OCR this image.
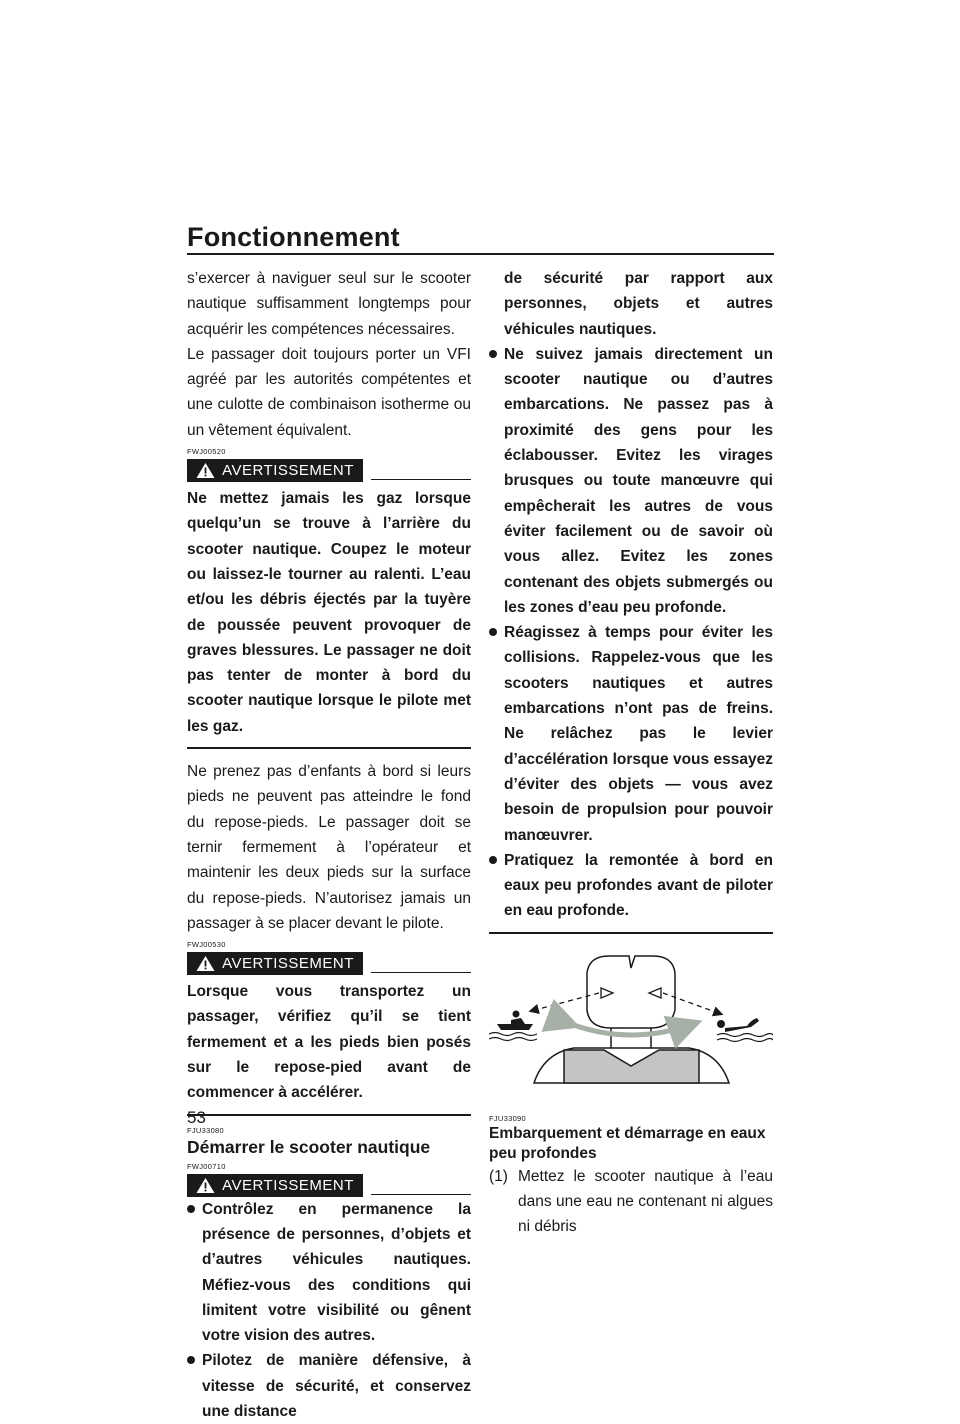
Fonctionnement

s’exercer à naviguer seul sur le scooter nautique suffisamment longtemps pour acquérir les compétences nécessaires.

Le passager doit toujours porter un VFI agréé par les autorités compétentes et une culotte de combinaison isotherme ou un vêtement équivalent.

FWJ00520
AVERTISSEMENT

Ne mettez jamais les gaz lorsque quelqu’un se trouve à l’arrière du scooter nautique. Coupez le moteur ou laissez-le tourner au ralenti. L’eau et/ou les débris éjectés par la tuyère de poussée peuvent provoquer de graves blessures. Le passager ne doit pas tenter de monter à bord du scooter nautique lorsque le pilote met les gaz.

Ne prenez pas d’enfants à bord si leurs pieds ne peuvent pas atteindre le fond du repose-pieds. Le passager doit se ternir fermement à l’opérateur et maintenir les deux pieds sur la surface du repose-pieds. N’autorisez jamais un passager à se placer devant le pilote.

FWJ00530
AVERTISSEMENT

Lorsque vous transportez un passager, vérifiez qu’il se tient fermement et a les pieds bien posés sur le repose-pied avant de commencer à accélérer.

FJU33080
Démarrer le scooter nautique
FWJ00710
AVERTISSEMENT
Contrôlez en permanence la présence de personnes, d’objets et d’autres véhicules nautiques. Méfiez-vous des conditions qui limitent votre visibilité ou gênent votre vision des autres.
Pilotez de manière défensive, à vitesse de sécurité, et conservez une distance

de sécurité par rapport aux personnes, objets et autres véhicules nautiques.

Ne suivez jamais directement un scooter nautique ou d’autres embarcations. Ne passez pas à proximité des gens pour les éclabousser. Evitez les virages brusques ou toute manœuvre qui empêcherait les autres de vous éviter facilement ou de savoir où vous allez. Evitez les zones contenant des objets submergés ou les zones d’eau peu profonde.
Réagissez à temps pour éviter les collisions. Rappelez-vous que les scooters nautiques et autres embarcations n’ont pas de freins. Ne relâchez pas le levier d’accélération lorsque vous essayez d’éviter des objets — vous avez besoin de propulsion pour pouvoir manœuvrer.
Pratiquez la remontée à bord en eaux peu profondes avant de piloter en eau profonde.
FJU33090
Embarquement et démarrage en eaux peu profondes
(1) Mettez le scooter nautique à l’eau dans une eau ne contenant ni algues ni débris
53
